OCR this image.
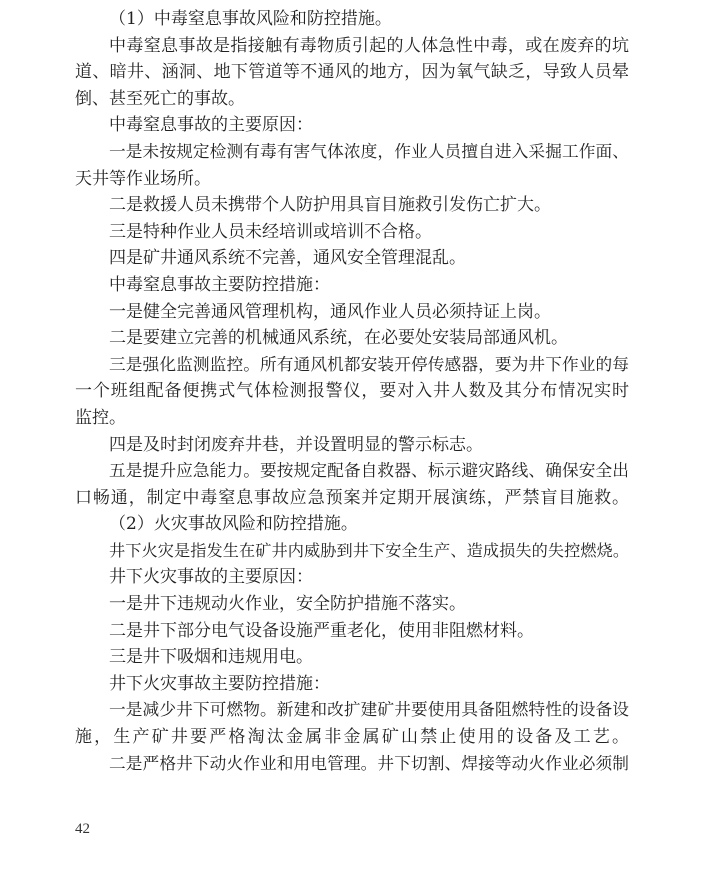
（1）中毒窒息事故风险和防控措施。
中毒窒息事故是指接触有毒物质引起的人体急性中毒，或在废弃的坑
道、暗井、涵洞、地下管道等不通风的地方，因为氧气缺乏，导致人员晕
倒、甚至死亡的事故。
中毒窒息事故的主要原因：
一是未按规定检测有毒有害气体浓度，作业人员擅自进入采掘工作面、
天井等作业场所。
二是救援人员未携带个人防护用具盲目施救引发伤亡扩大。
三是特种作业人员未经培训或培训不合格。
四是矿井通风系统不完善，通风安全管理混乱。
中毒窒息事故主要防控措施：
一是健全完善通风管理机构，通风作业人员必须持证上岗。
二是要建立完善的机械通风系统，在必要处安装局部通风机。
三是强化监测监控。所有通风机都安装开停传感器，要为井下作业的每
一个班组配备便携式气体检测报警仪，要对入井人数及其分布情况实时
监控。
四是及时封闭废弃井巷，并设置明显的警示标志。
五是提升应急能力。要按规定配备自救器、标示避灾路线、确保安全出
口畅通，制定中毒窒息事故应急预案并定期开展演练，严禁盲目施救。
（2）火灾事故风险和防控措施。
井下火灾是指发生在矿井内威胁到井下安全生产、造成损失的失控燃烧。
井下火灾事故的主要原因：
一是井下违规动火作业，安全防护措施不落实。
二是井下部分电气设备设施严重老化，使用非阻燃材料。
三是井下吸烟和违规用电。
井下火灾事故主要防控措施：
一是减少井下可燃物。新建和改扩建矿井要使用具备阻燃特性的设备设
施，生产矿井要严格淘汰金属非金属矿山禁止使用的设备及工艺。
二是严格井下动火作业和用电管理。井下切割、焊接等动火作业必须制
42
